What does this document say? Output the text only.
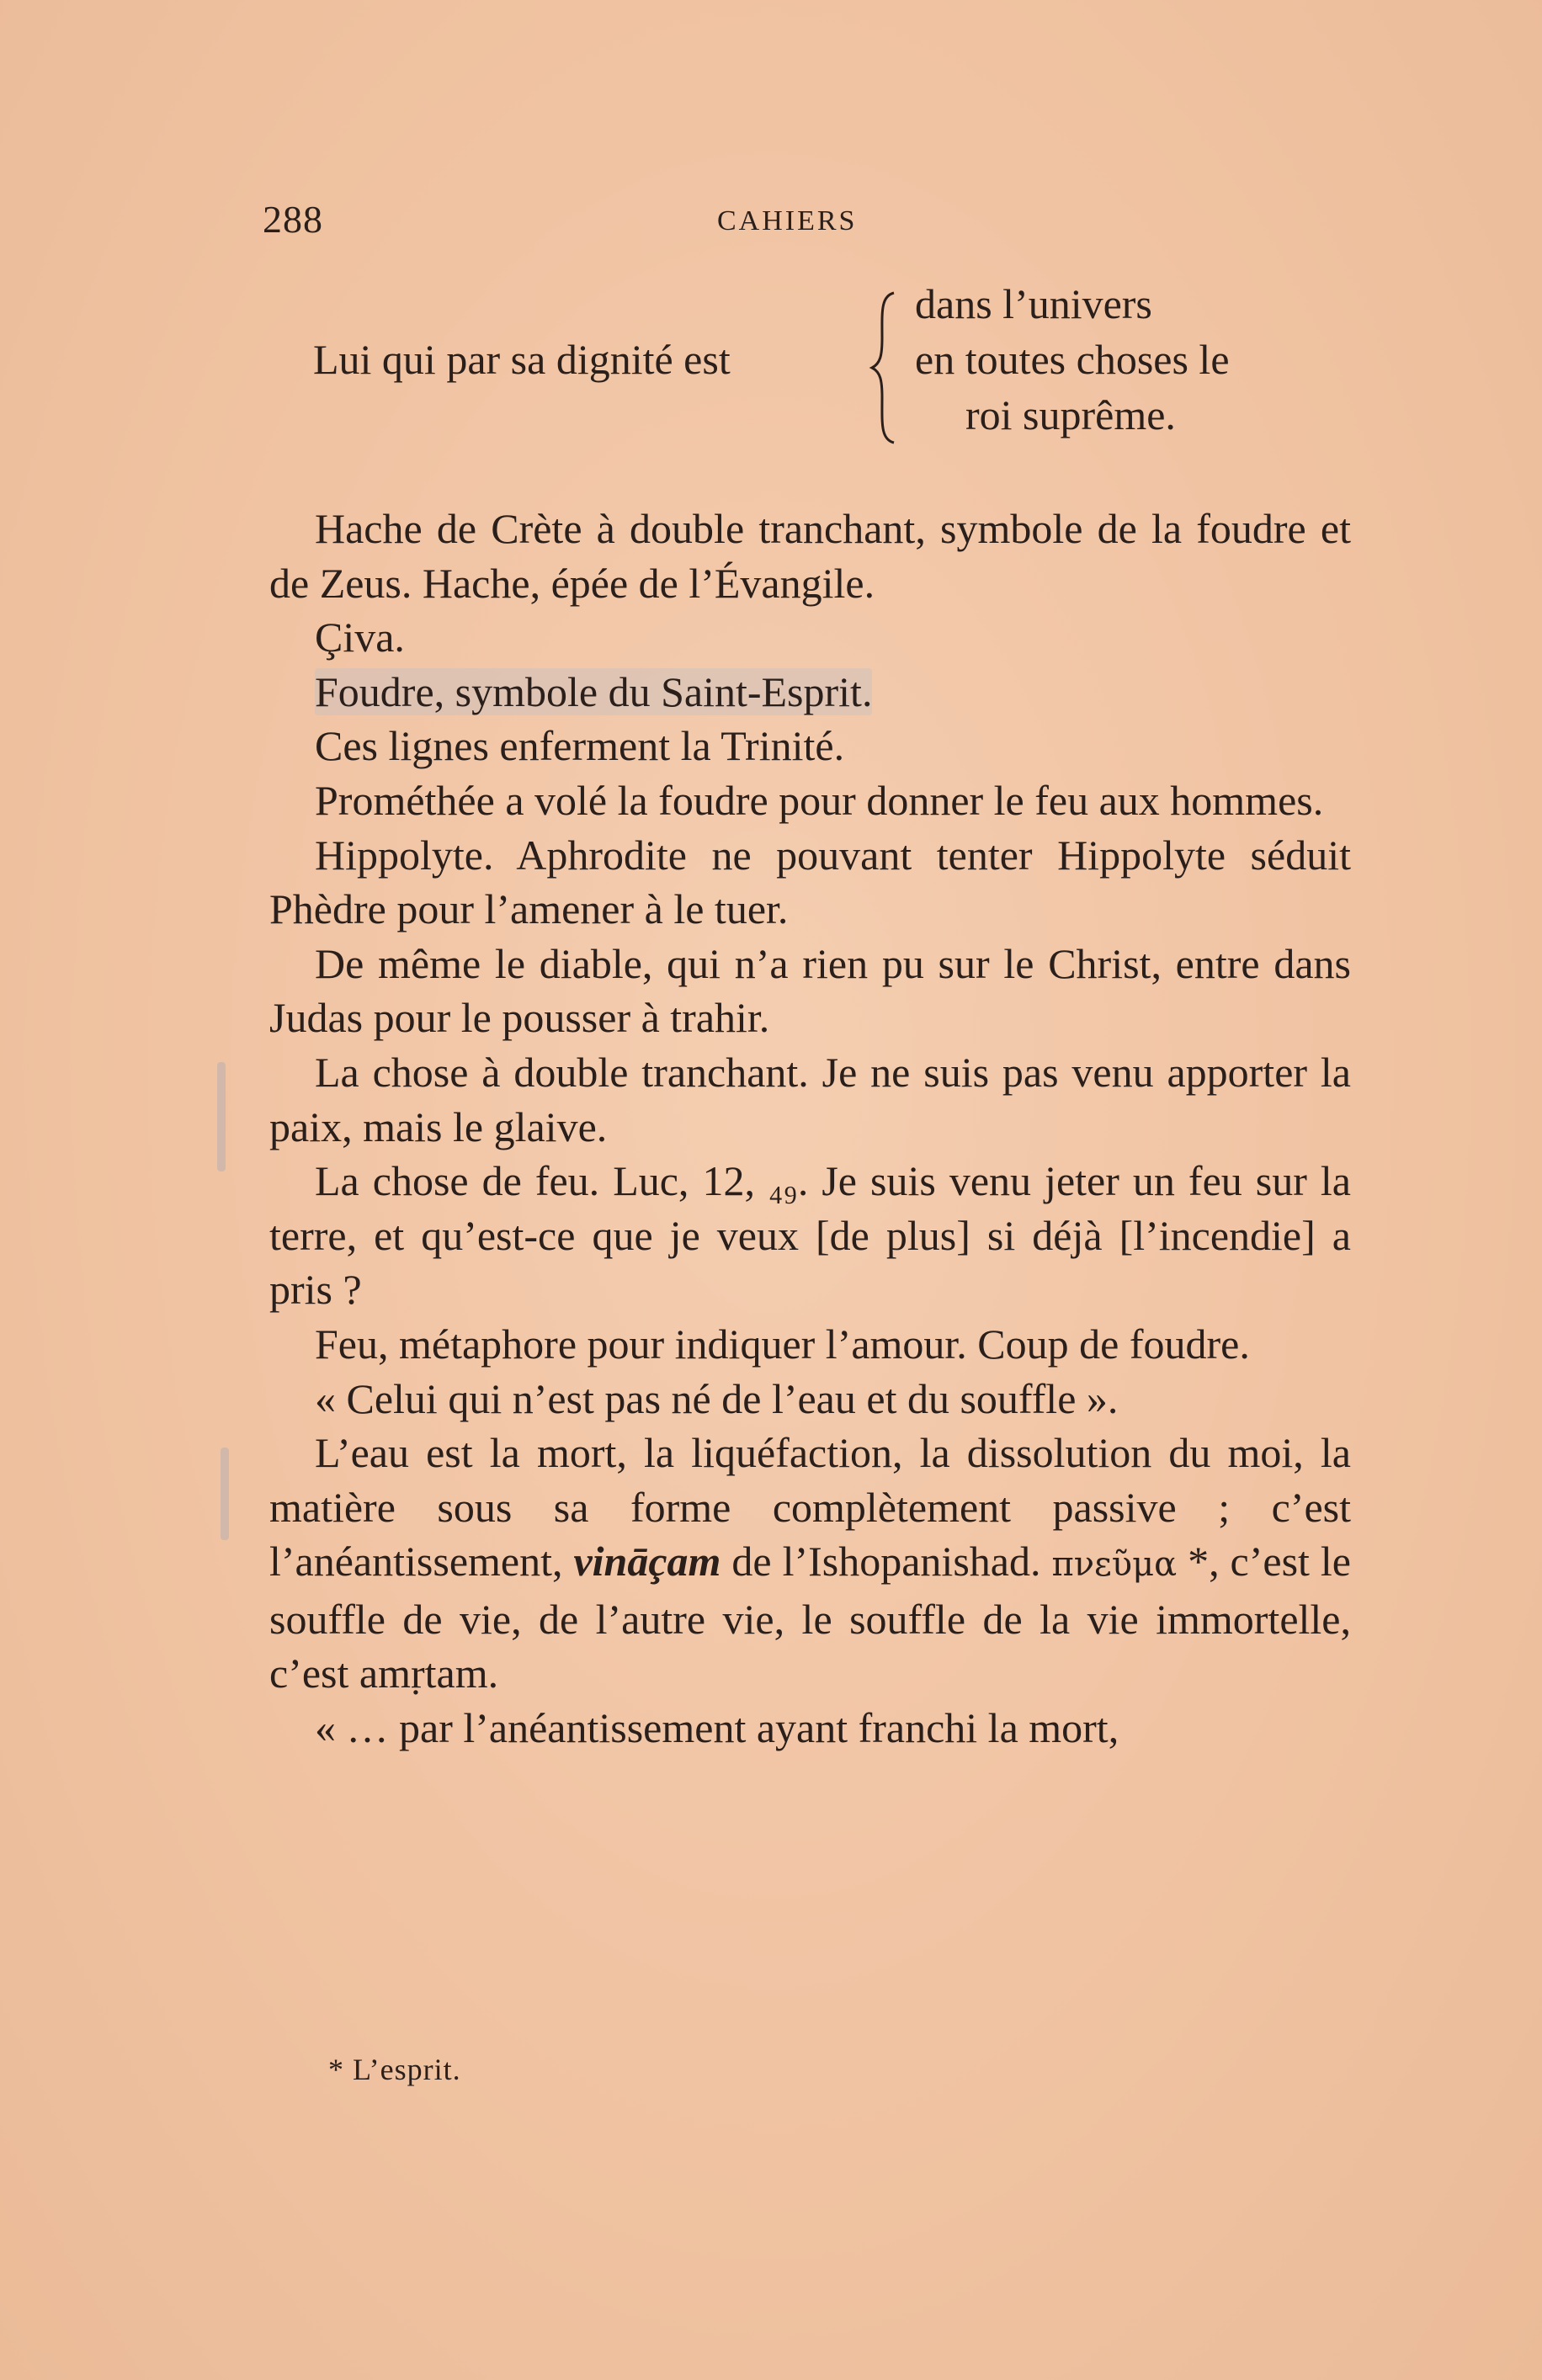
288	CAHIERS
Lui qui par sa dignité est
dans l’univers
en toutes choses le
roi suprême.

Hache de Crète à double tranchant, symbole de la foudre et de Zeus. Hache, épée de l’Évangile.

Çiva.

Foudre, symbole du Saint-Esprit.

Ces lignes enferment la Trinité.

Prométhée a volé la foudre pour donner le feu aux hommes.

Hippolyte. Aphrodite ne pouvant tenter Hippolyte séduit Phèdre pour l’amener à le tuer.

De même le diable, qui n’a rien pu sur le Christ, entre dans Judas pour le pousser à trahir.

La chose à double tranchant. Je ne suis pas venu apporter la paix, mais le glaive.

La chose de feu. Luc, 12, ₄₉. Je suis venu jeter un feu sur la terre, et qu’est-ce que je veux [de plus] si déjà [l’incendie] a pris ?

Feu, métaphore pour indiquer l’amour. Coup de foudre.

« Celui qui n’est pas né de l’eau et du souffle ».

L’eau est la mort, la liquéfaction, la dissolution du moi, la matière sous sa forme complètement passive ; c’est l’anéantissement, vināçam de l’Ishopanishad. πνεῦμα *, c’est le souffle de vie, de l’autre vie, le souffle de la vie immortelle, c’est amṛtam.

« … par l’anéantissement ayant franchi la mort,

* L’esprit.
